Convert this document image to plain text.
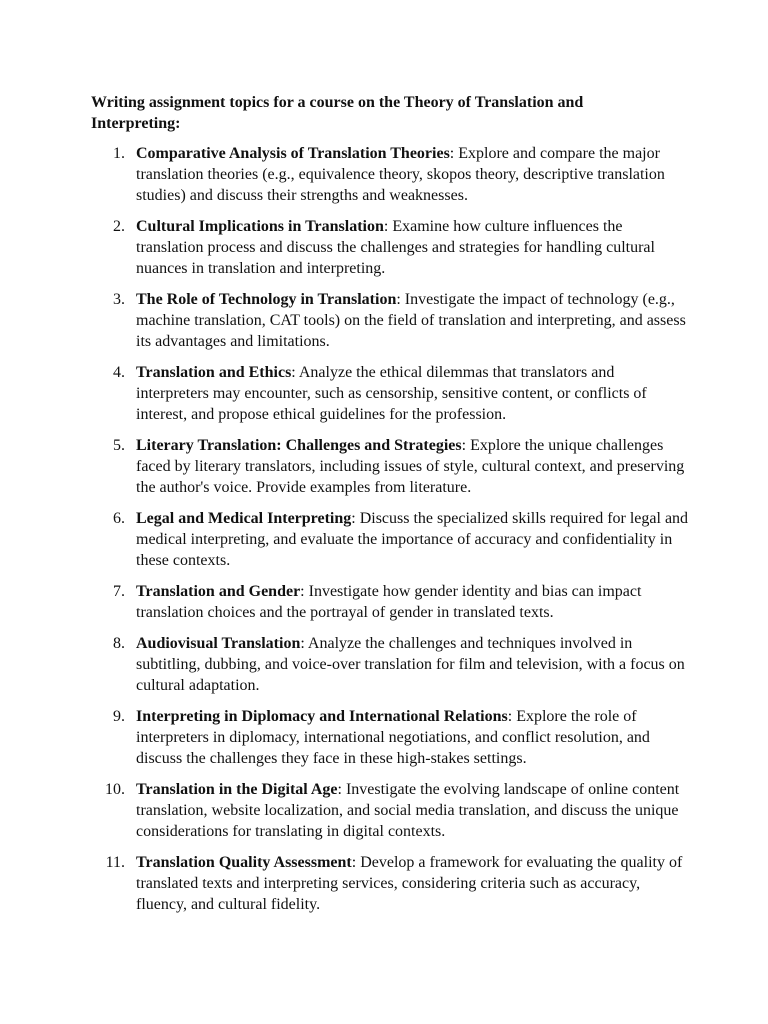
Writing assignment topics for a course on the Theory of Translation and Interpreting:
1. Comparative Analysis of Translation Theories: Explore and compare the major translation theories (e.g., equivalence theory, skopos theory, descriptive translation studies) and discuss their strengths and weaknesses.
2. Cultural Implications in Translation: Examine how culture influences the translation process and discuss the challenges and strategies for handling cultural nuances in translation and interpreting.
3. The Role of Technology in Translation: Investigate the impact of technology (e.g., machine translation, CAT tools) on the field of translation and interpreting, and assess its advantages and limitations.
4. Translation and Ethics: Analyze the ethical dilemmas that translators and interpreters may encounter, such as censorship, sensitive content, or conflicts of interest, and propose ethical guidelines for the profession.
5. Literary Translation: Challenges and Strategies: Explore the unique challenges faced by literary translators, including issues of style, cultural context, and preserving the author's voice. Provide examples from literature.
6. Legal and Medical Interpreting: Discuss the specialized skills required for legal and medical interpreting, and evaluate the importance of accuracy and confidentiality in these contexts.
7. Translation and Gender: Investigate how gender identity and bias can impact translation choices and the portrayal of gender in translated texts.
8. Audiovisual Translation: Analyze the challenges and techniques involved in subtitling, dubbing, and voice-over translation for film and television, with a focus on cultural adaptation.
9. Interpreting in Diplomacy and International Relations: Explore the role of interpreters in diplomacy, international negotiations, and conflict resolution, and discuss the challenges they face in these high-stakes settings.
10. Translation in the Digital Age: Investigate the evolving landscape of online content translation, website localization, and social media translation, and discuss the unique considerations for translating in digital contexts.
11. Translation Quality Assessment: Develop a framework for evaluating the quality of translated texts and interpreting services, considering criteria such as accuracy, fluency, and cultural fidelity.
